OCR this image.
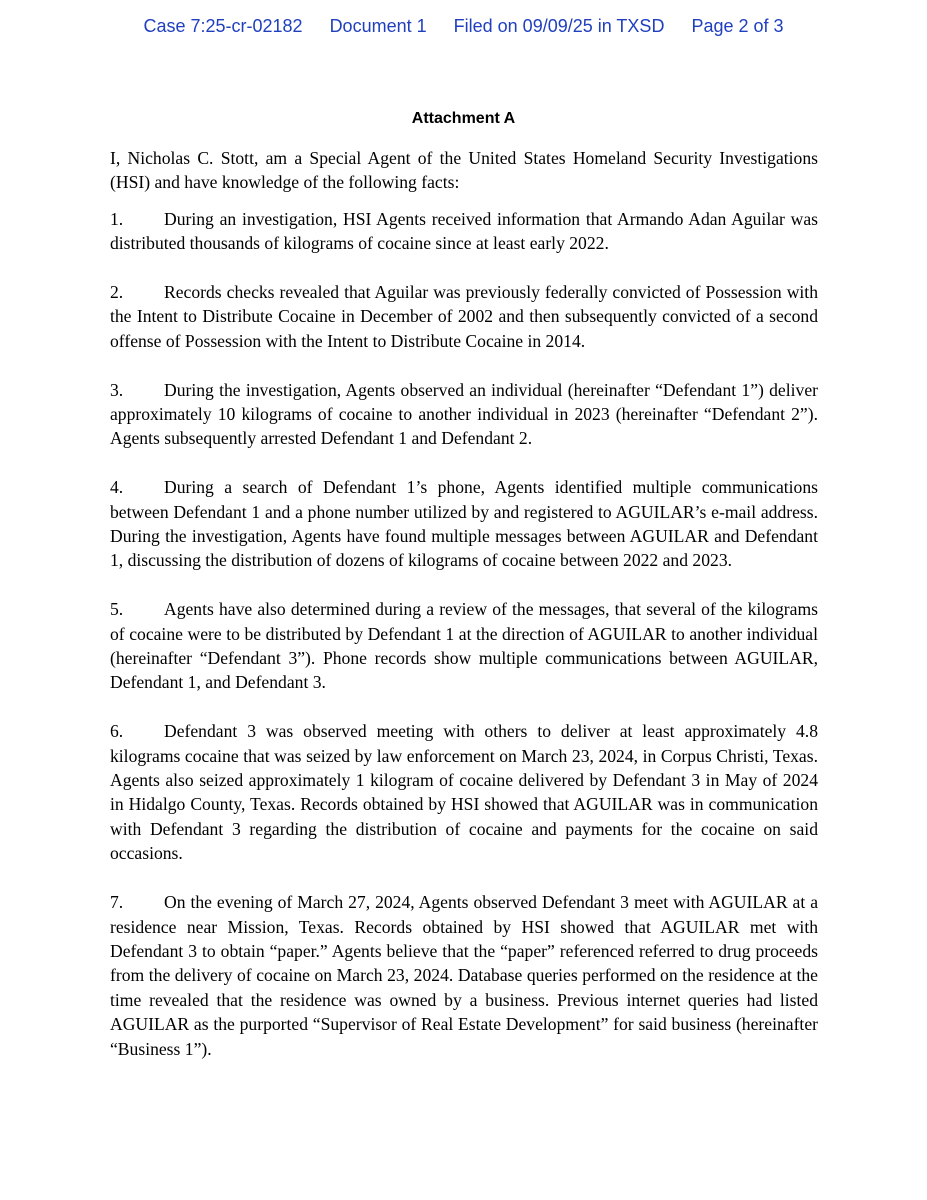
Case 7:25-cr-02182 Document 1 Filed on 09/09/25 in TXSD Page 2 of 3
Attachment A

I, Nicholas C. Stott, am a Special Agent of the United States Homeland Security Investigations (HSI) and have knowledge of the following facts:

1. During an investigation, HSI Agents received information that Armando Adan Aguilar was distributed thousands of kilograms of cocaine since at least early 2022.

2. Records checks revealed that Aguilar was previously federally convicted of Possession with the Intent to Distribute Cocaine in December of 2002 and then subsequently convicted of a second offense of Possession with the Intent to Distribute Cocaine in 2014.

3. During the investigation, Agents observed an individual (hereinafter “Defendant 1”) deliver approximately 10 kilograms of cocaine to another individual in 2023 (hereinafter “Defendant 2”). Agents subsequently arrested Defendant 1 and Defendant 2.

4. During a search of Defendant 1’s phone, Agents identified multiple communications between Defendant 1 and a phone number utilized by and registered to AGUILAR’s e-mail address. During the investigation, Agents have found multiple messages between AGUILAR and Defendant 1, discussing the distribution of dozens of kilograms of cocaine between 2022 and 2023.

5. Agents have also determined during a review of the messages, that several of the kilograms of cocaine were to be distributed by Defendant 1 at the direction of AGUILAR to another individual (hereinafter “Defendant 3”). Phone records show multiple communications between AGUILAR, Defendant 1, and Defendant 3.

6. Defendant 3 was observed meeting with others to deliver at least approximately 4.8 kilograms cocaine that was seized by law enforcement on March 23, 2024, in Corpus Christi, Texas. Agents also seized approximately 1 kilogram of cocaine delivered by Defendant 3 in May of 2024 in Hidalgo County, Texas. Records obtained by HSI showed that AGUILAR was in communication with Defendant 3 regarding the distribution of cocaine and payments for the cocaine on said occasions.

7. On the evening of March 27, 2024, Agents observed Defendant 3 meet with AGUILAR at a residence near Mission, Texas. Records obtained by HSI showed that AGUILAR met with Defendant 3 to obtain “paper.” Agents believe that the “paper” referenced referred to drug proceeds from the delivery of cocaine on March 23, 2024. Database queries performed on the residence at the time revealed that the residence was owned by a business. Previous internet queries had listed AGUILAR as the purported “Supervisor of Real Estate Development” for said business (hereinafter “Business 1”).
